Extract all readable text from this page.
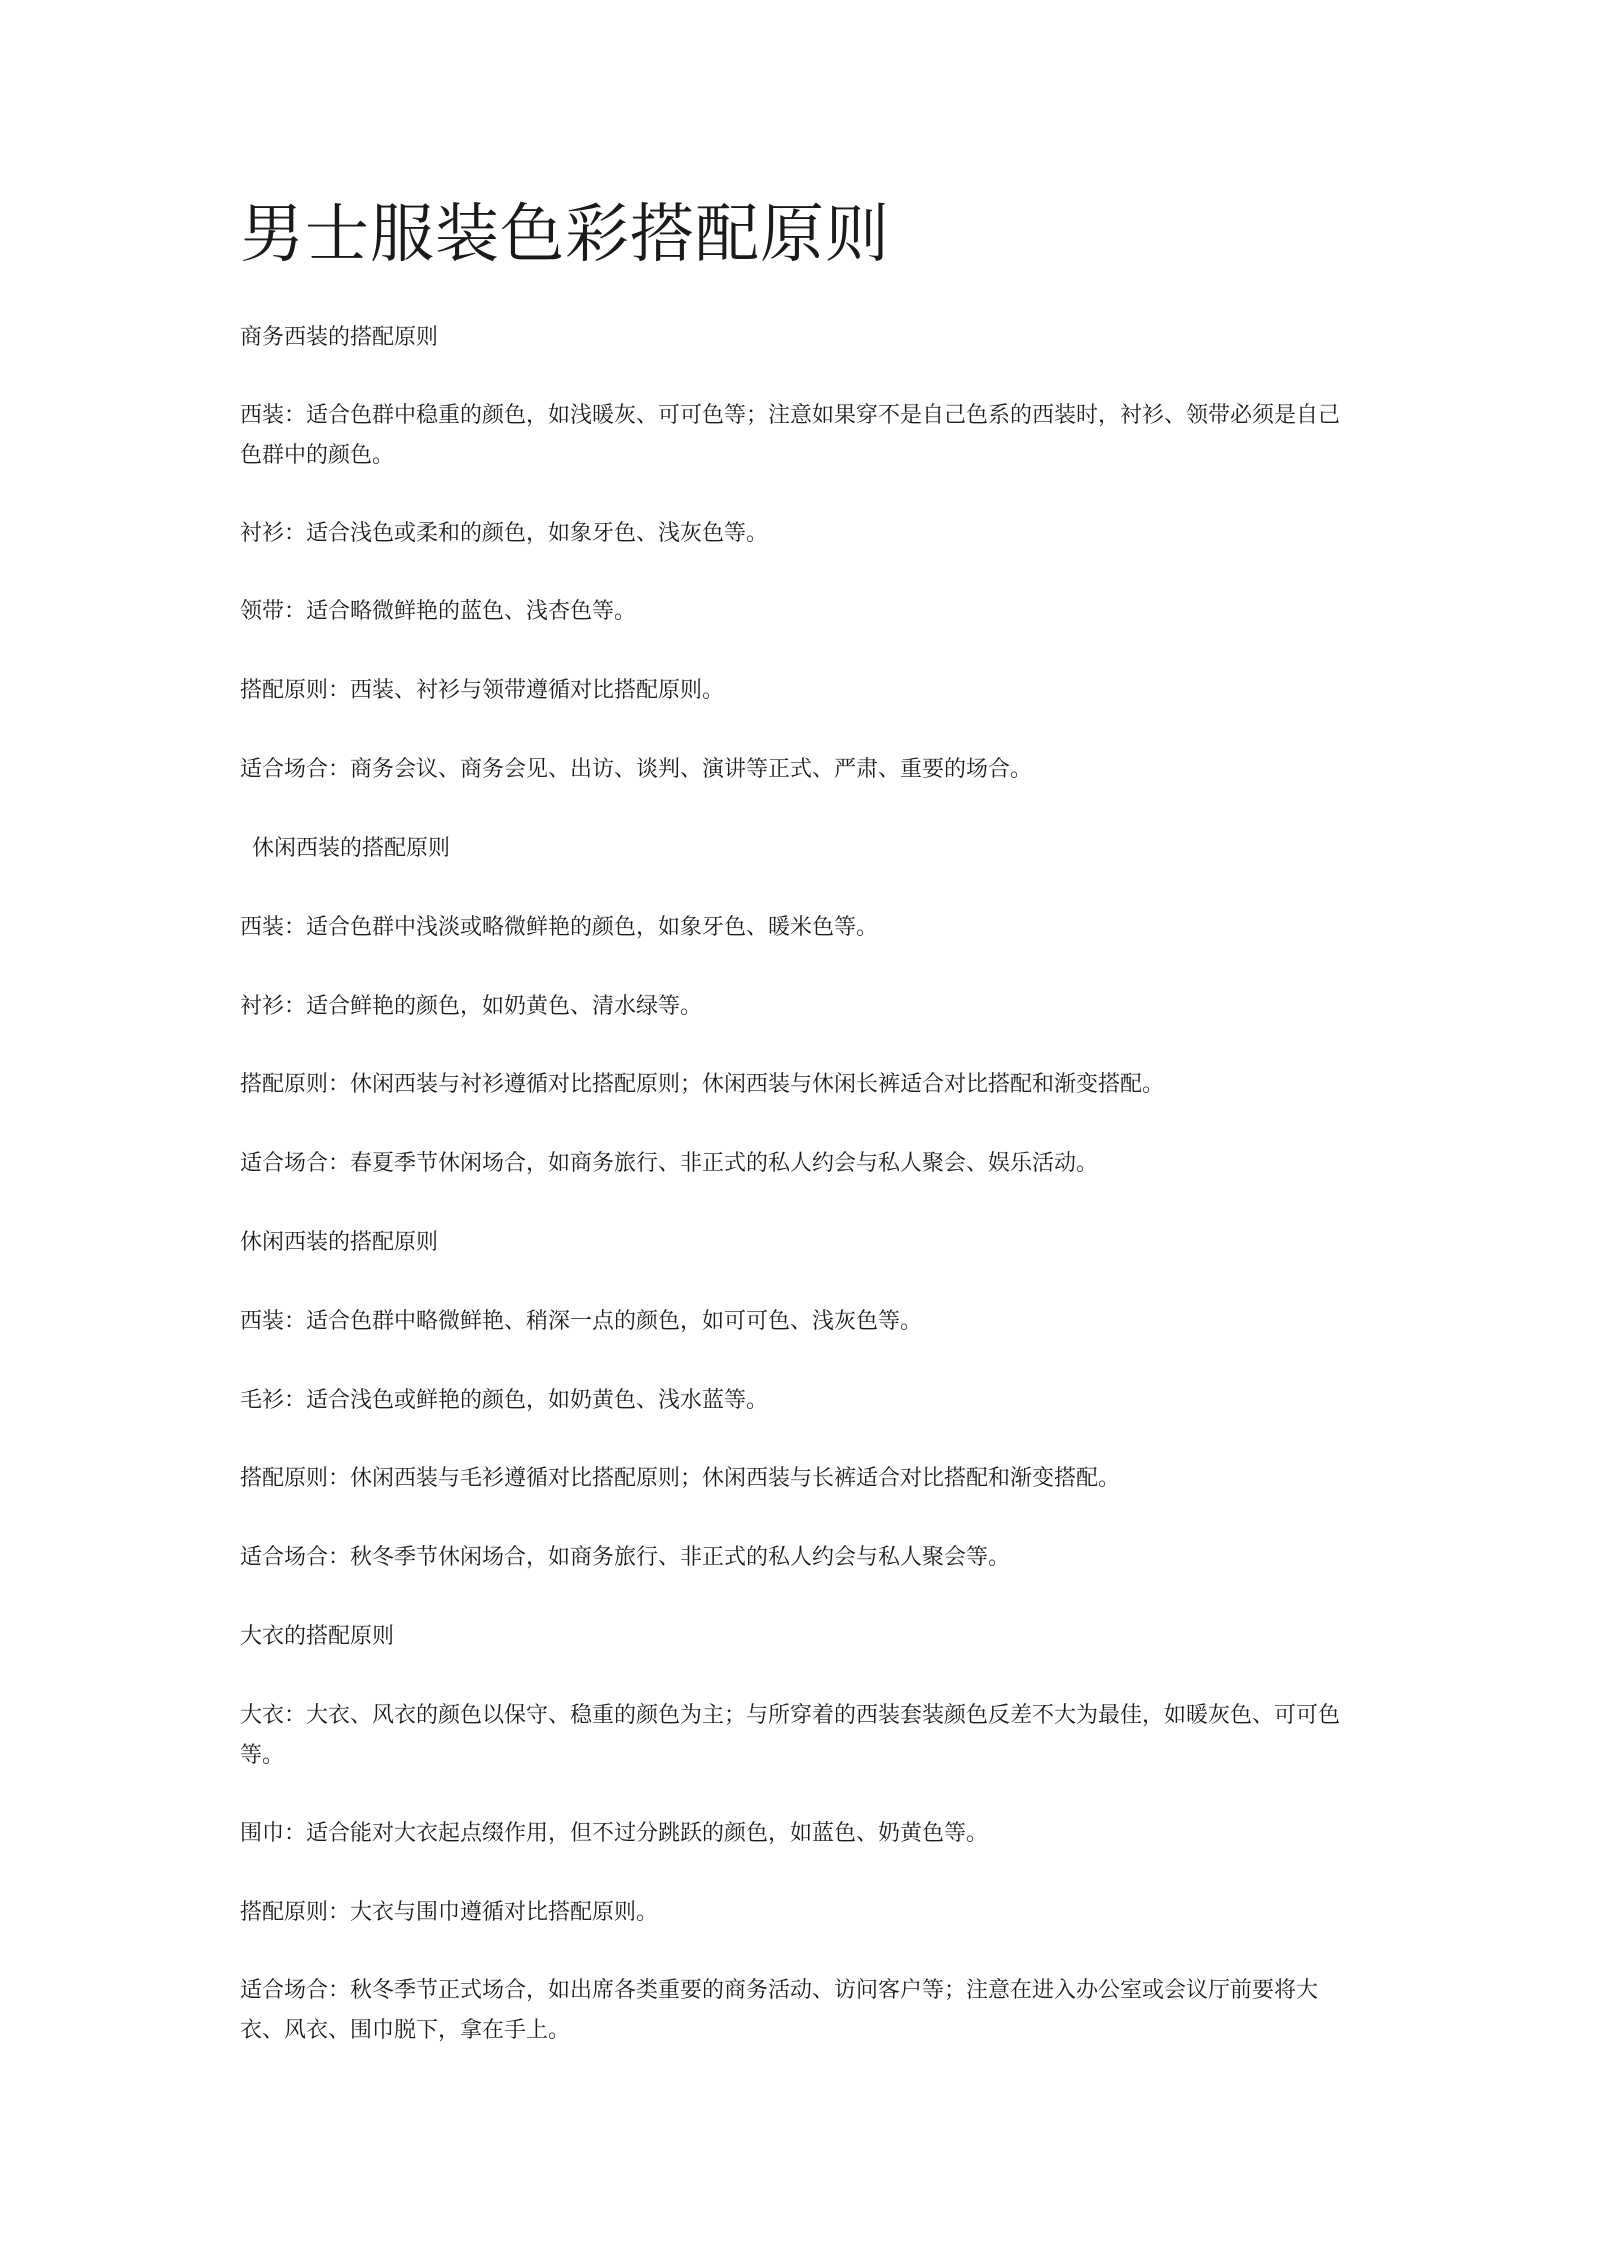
男士服装色彩搭配原则

商务西装的搭配原则

西装：适合色群中稳重的颜色，如浅暖灰、可可色等；注意如果穿不是自己色系的西装时，衬衫、领带必须是自己色群中的颜色。

衬衫：适合浅色或柔和的颜色，如象牙色、浅灰色等。

领带：适合略微鲜艳的蓝色、浅杏色等。

搭配原则：西装、衬衫与领带遵循对比搭配原则。

适合场合：商务会议、商务会见、出访、谈判、演讲等正式、严肃、重要的场合。

休闲西装的搭配原则

西装：适合色群中浅淡或略微鲜艳的颜色，如象牙色、暖米色等。

衬衫：适合鲜艳的颜色，如奶黄色、清水绿等。

搭配原则：休闲西装与衬衫遵循对比搭配原则；休闲西装与休闲长裤适合对比搭配和渐变搭配。

适合场合：春夏季节休闲场合，如商务旅行、非正式的私人约会与私人聚会、娱乐活动。

休闲西装的搭配原则

西装：适合色群中略微鲜艳、稍深一点的颜色，如可可色、浅灰色等。

毛衫：适合浅色或鲜艳的颜色，如奶黄色、浅水蓝等。

搭配原则：休闲西装与毛衫遵循对比搭配原则；休闲西装与长裤适合对比搭配和渐变搭配。

适合场合：秋冬季节休闲场合，如商务旅行、非正式的私人约会与私人聚会等。

大衣的搭配原则

大衣：大衣、风衣的颜色以保守、稳重的颜色为主；与所穿着的西装套装颜色反差不大为最佳，如暖灰色、可可色等。

围巾：适合能对大衣起点缀作用，但不过分跳跃的颜色，如蓝色、奶黄色等。

搭配原则：大衣与围巾遵循对比搭配原则。

适合场合：秋冬季节正式场合，如出席各类重要的商务活动、访问客户等；注意在进入办公室或会议厅前要将大衣、风衣、围巾脱下，拿在手上。
